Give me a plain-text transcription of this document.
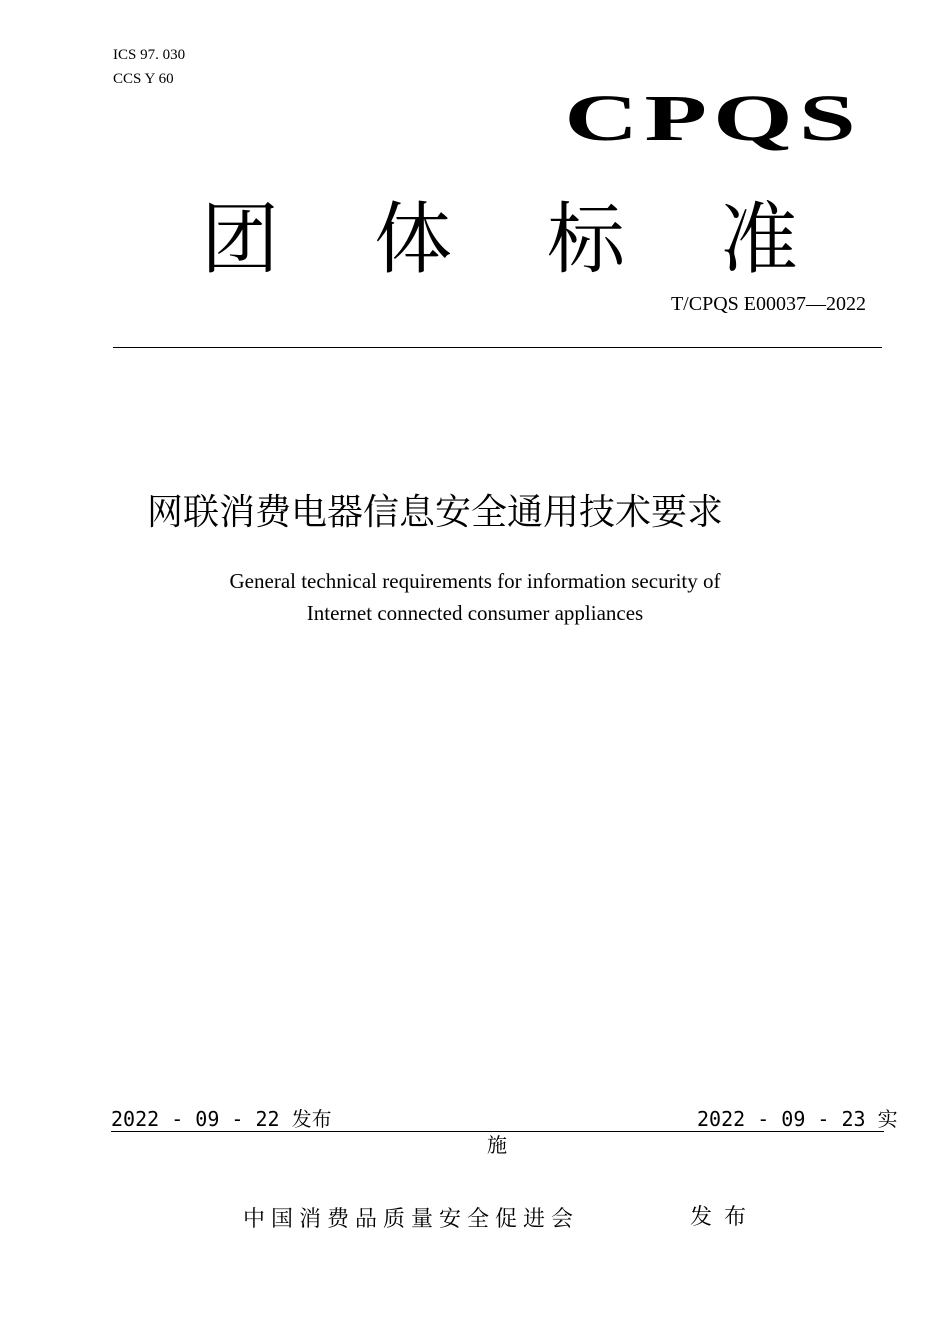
ICS 97. 030
CCS Y 60
CPQS
团 体 标 准
T/CPQS E00037—2022
网联消费电器信息安全通用技术要求
General technical requirements for information security of
Internet connected consumer appliances
2022 - 09 - 22 发布	2022 - 09 - 23 实
施
中国消费品质量安全促进会	发布
